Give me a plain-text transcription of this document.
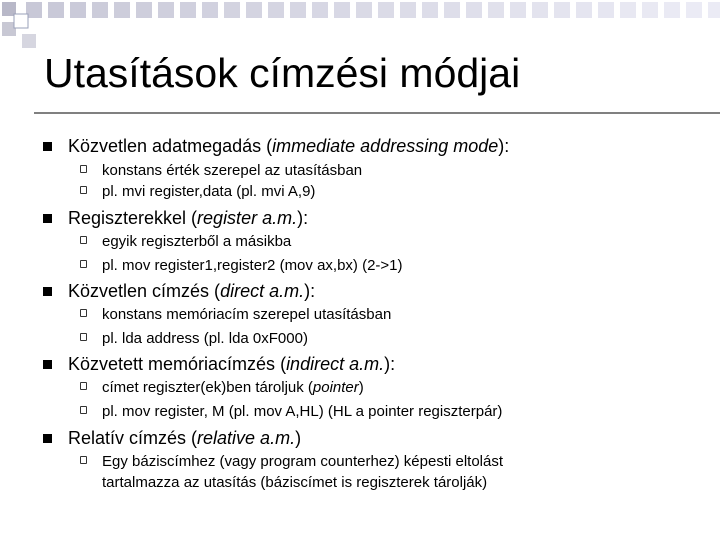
Utasítások címzési módjai
Közvetlen adatmegadás (immediate addressing mode):
konstans érték szerepel az utasításban
pl. mvi register,data (pl. mvi A,9)
Regiszterekkel (register a.m.):
egyik regiszterből a másikba
pl. mov register1,register2 (mov ax,bx) (2->1)
Közvetlen címzés (direct a.m.):
konstans memóriacím szerepel utasításban
pl. lda address (pl. lda 0xF000)
Közvetett memóriacímzés (indirect a.m.):
címet regiszter(ek)ben tároljuk (pointer)
pl. mov register, M (pl. mov A,HL) (HL a pointer regiszterpár)
Relatív címzés (relative a.m.)
Egy báziscímhez (vagy program counterhez) képesti eltolást
tartalmazza az utasítás (báziscímet is regiszterek tárolják)
